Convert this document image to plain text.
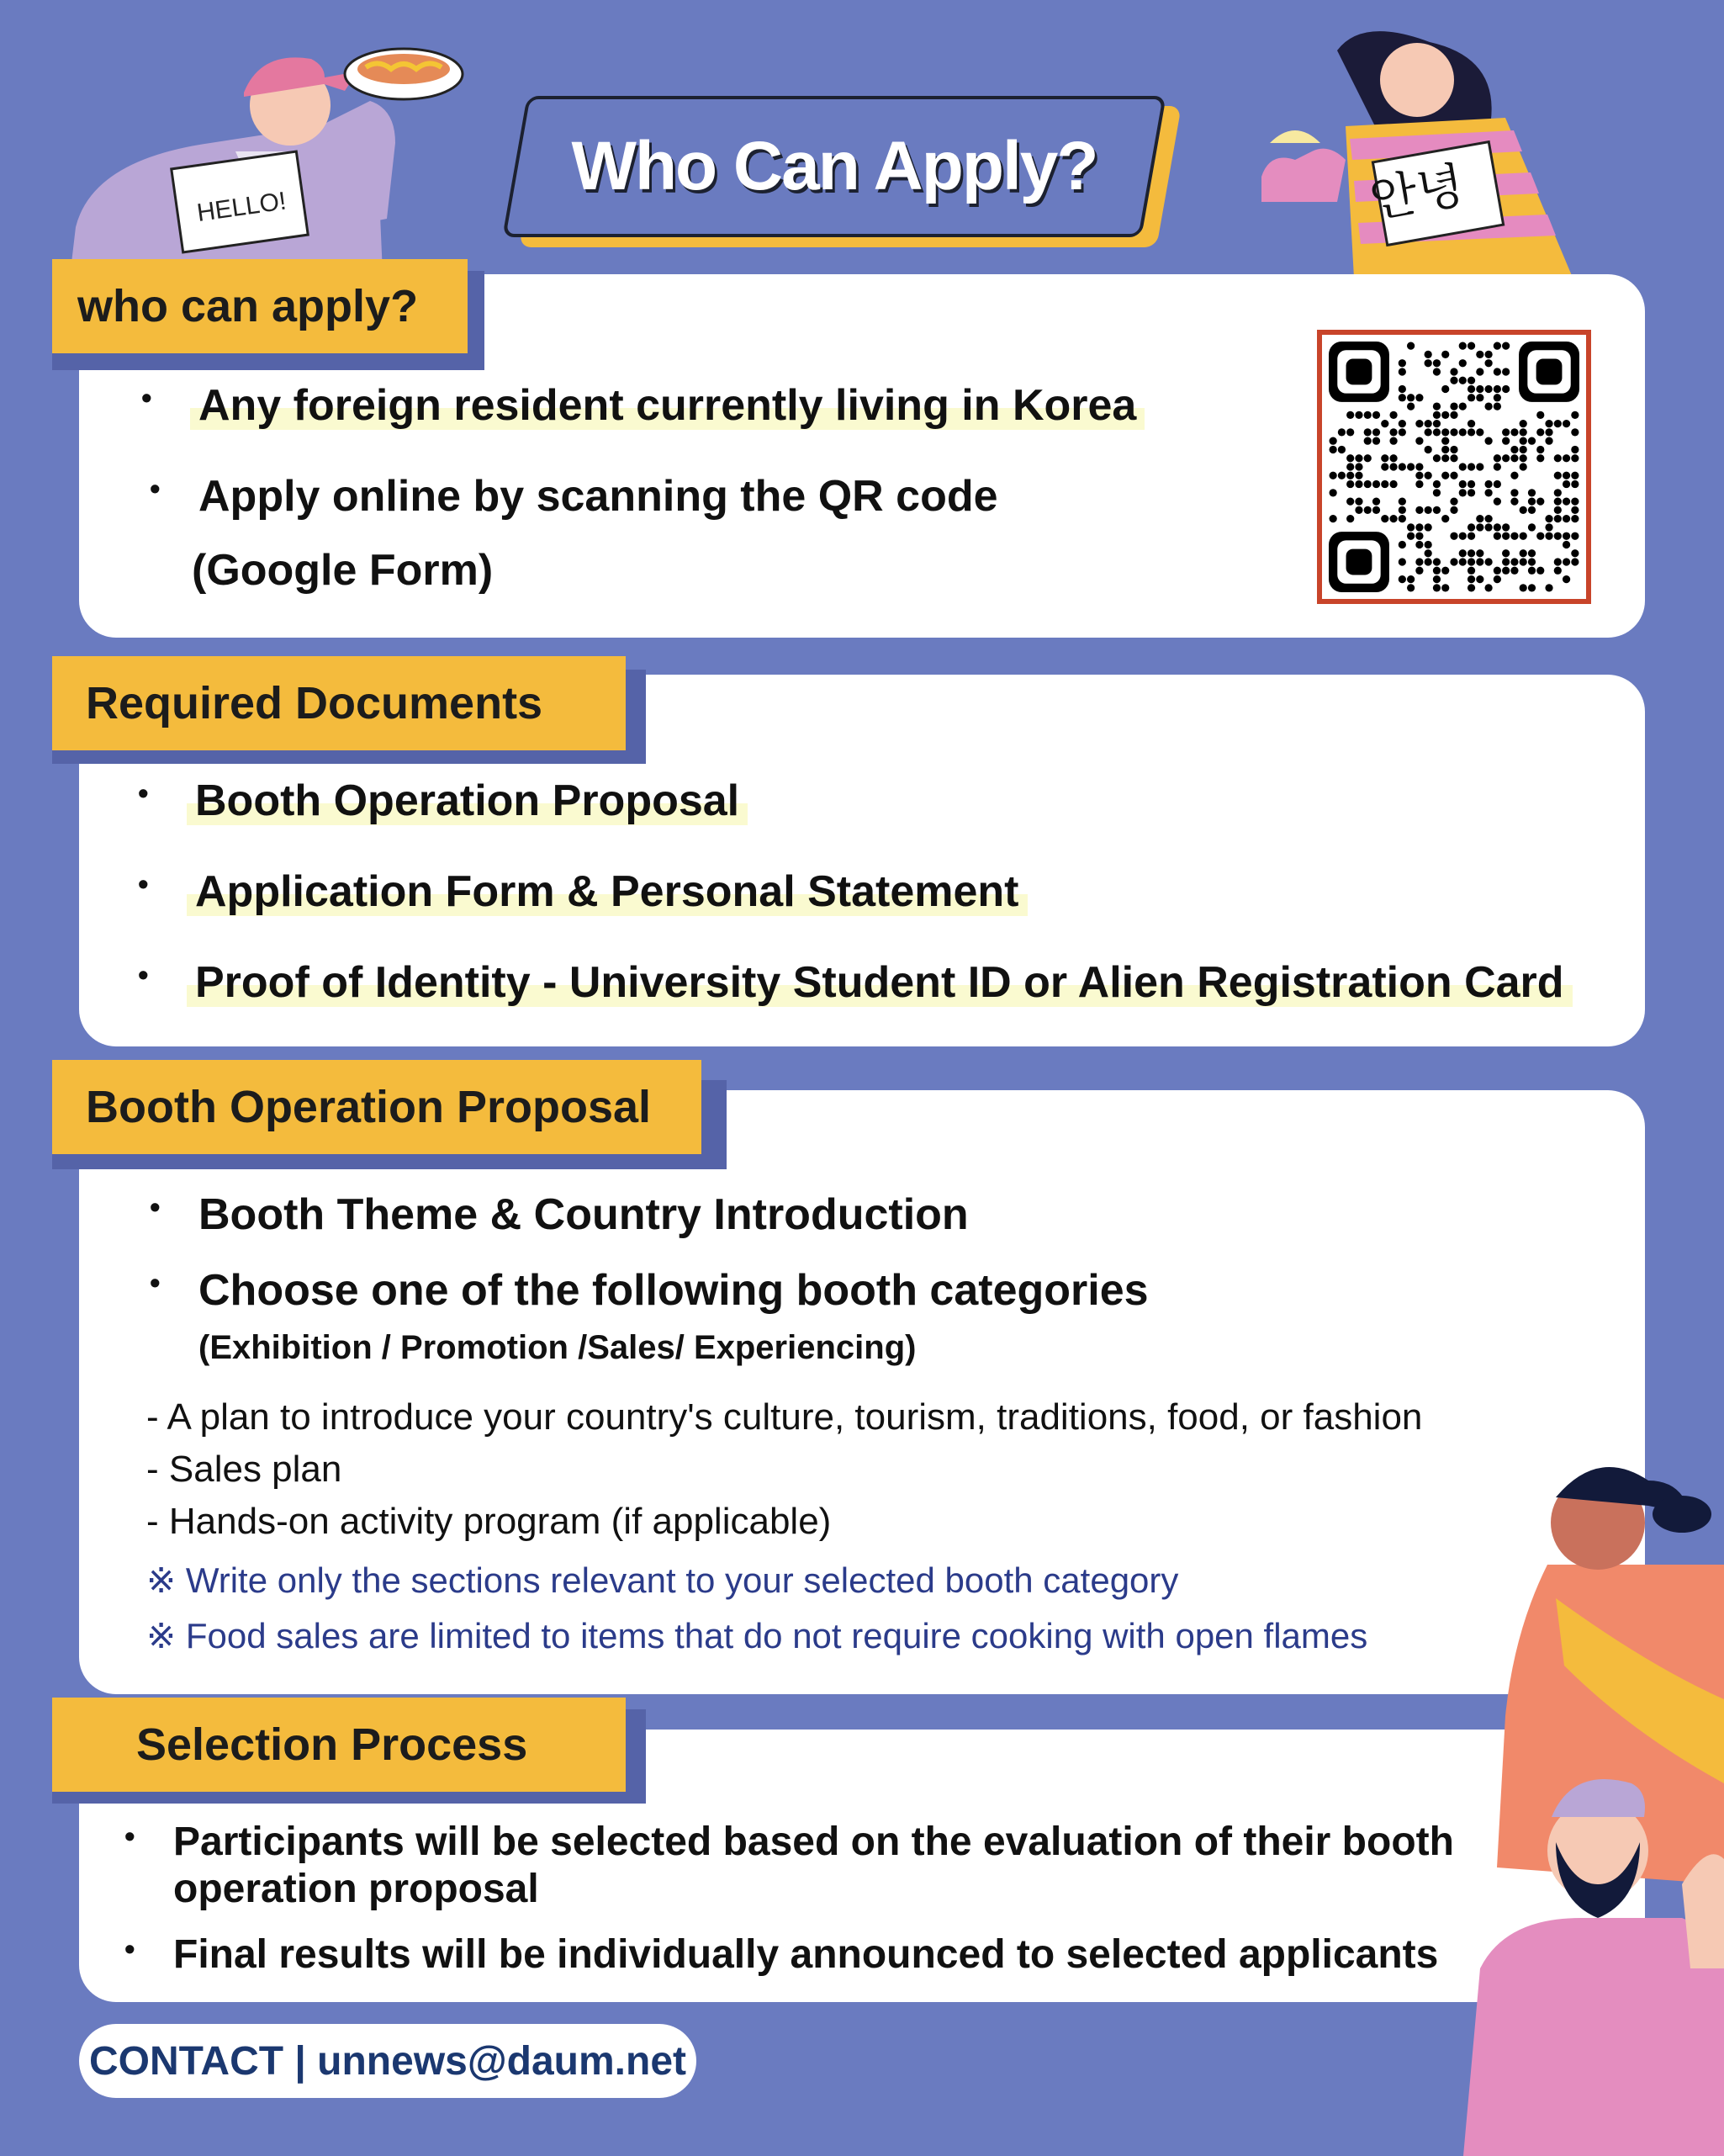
HELLO!	안녕
Who Can Apply?
who can apply?
• Any foreign resident currently living in Korea
• Apply online by scanning the QR code
(Google Form)
Required Documents
• Booth Operation Proposal
• Application Form & Personal Statement
• Proof of Identity - University Student ID or Alien Registration Card
Booth Operation Proposal
• Booth Theme & Country Introduction
• Choose one of the following booth categories
(Exhibition / Promotion /Sales/ Experiencing)
- A plan to introduce your country's culture, tourism, traditions, food, or fashion
- Sales plan
- Hands-on activity program (if applicable)
※ Write only the sections relevant to your selected booth category
※ Food sales are limited to items that do not require cooking with open flames
Selection Process
• Participants will be selected based on the evaluation of their booth
operation proposal
• Final results will be individually announced to selected applicants
CONTACT | unnews@daum.net
